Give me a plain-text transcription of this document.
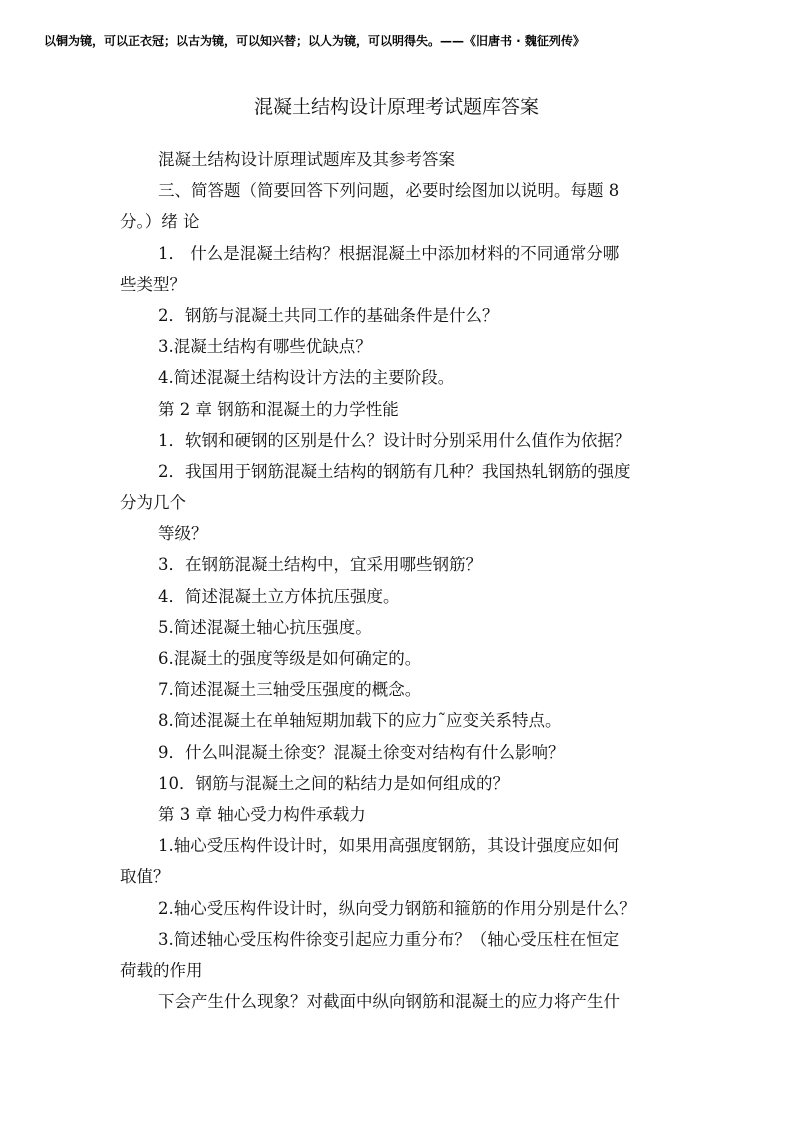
以铜为镜，可以正衣冠；以古为镜，可以知兴替；以人为镜，可以明得失。——《旧唐书 · 魏征列传》
混凝土结构设计原理考试题库答案
混凝土结构设计原理试题库及其参考答案
三、简答题（简要回答下列问题，必要时绘图加以说明。每题 8
分。）绪 论
1． 什么是混凝土结构？根据混凝土中添加材料的不同通常分哪
些类型？
2．钢筋与混凝土共同工作的基础条件是什么？
3.混凝土结构有哪些优缺点？
4.简述混凝土结构设计方法的主要阶段。
第 2 章 钢筋和混凝土的力学性能
1．软钢和硬钢的区别是什么？设计时分别采用什么值作为依据？
2．我国用于钢筋混凝土结构的钢筋有几种？我国热轧钢筋的强度
分为几个
等级？
3．在钢筋混凝土结构中，宜采用哪些钢筋？
4．简述混凝土立方体抗压强度。
5.简述混凝土轴心抗压强度。
6.混凝土的强度等级是如何确定的。
7.简述混凝土三轴受压强度的概念。
8.简述混凝土在单轴短期加载下的应力˜应变关系特点。
9．什么叫混凝土徐变？混凝土徐变对结构有什么影响？
10．钢筋与混凝土之间的粘结力是如何组成的？
第 3 章 轴心受力构件承载力
1.轴心受压构件设计时，如果用高强度钢筋，其设计强度应如何
取值？
2.轴心受压构件设计时，纵向受力钢筋和箍筋的作用分别是什么？
3.简述轴心受压构件徐变引起应力重分布？（轴心受压柱在恒定
荷载的作用
下会产生什么现象？对截面中纵向钢筋和混凝土的应力将产生什
